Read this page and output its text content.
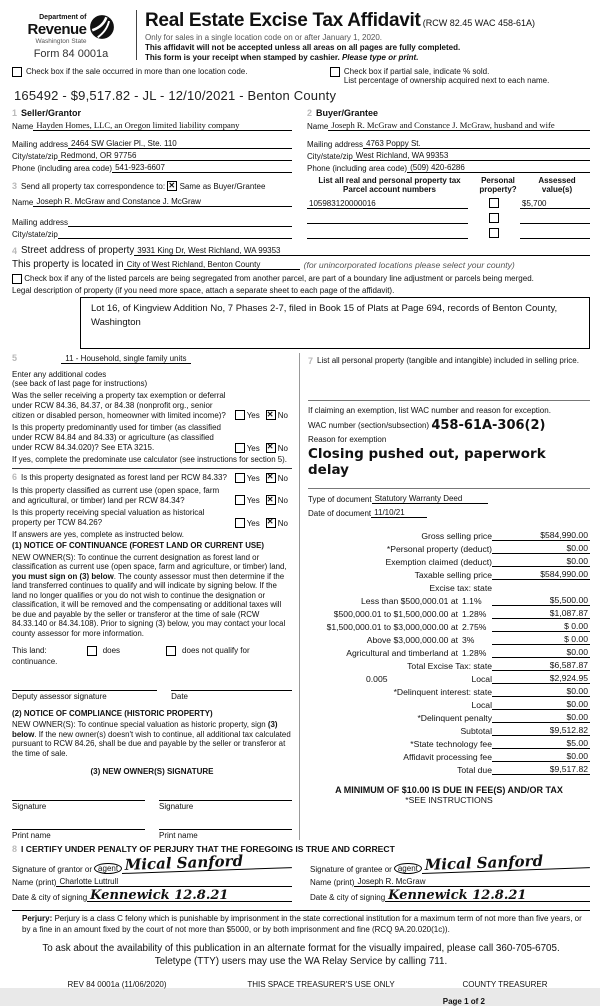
Department of
Revenue
Washington State
Form 84 0001a
Real Estate Excise Tax Affidavit (RCW 82.45 WAC 458-61A)
Only for sales in a single location code on or after January 1, 2020.
This affidavit will not be accepted unless all areas on all pages are fully completed.
This form is your receipt when stamped by cashier. Please type or print.
Check box if the sale occurred in more than one location code.	Check box if partial sale, indicate % sold.
List percentage of ownership acquired next to each name.
165492 - $9,517.82 - JL - 12/10/2021 - Benton County
1 Seller/Grantor
Name Hayden Homes, LLC, an Oregon limited liability company
Mailing address 2464 SW Glacier Pl., Ste. 110
City/state/zip Redmond, OR 97756
Phone (including area code) 541-923-6607
3 Send all property tax correspondence to:
✕
Same as Buyer/Grantee
Name Joseph R. McGraw and Constance J. McGraw
Mailing address
City/state/zip
2 Buyer/Grantee
Name Joseph R. McGraw and Constance J. McGraw, husband and wife
Mailing address 4763 Poppy St.
City/state/zip West Richland, WA 99353
Phone (including area code) (509) 420-6286
List all real and personal property tax
Parcel account numbers
Personal
property?
Assessed
value(s)
105983120000016	$5,700
4 Street address of property 3931 King Dr, West Richland, WA 99353
This property is located in City of West Richland, Benton County	(for unincorporated locations please select your county)

Check box if any of the listed parcels are being segregated from another parcel, are part of a boundary line adjustment or parcels being merged.
Legal description of property (if you need more space, attach a separate sheet to each page of the affidavit).
Lot 16, of Kingview Addition No, 7 Phases 2-7, filed in Book 15 of Plats at Page 694, records of Benton County, Washington
5	11 - Household, single family units
Enter any additional codes
(see back of last page for instructions)
Was the seller receiving a property tax exemption or deferral under RCW 84.36, 84.37, or 84.38 (nonprofit org., senior citizen or disabled person, homeowner with limited income)?	Yes ✕ No
Is this property predominantly used for timber (as classified under RCW 84.84 and 84.33) or agriculture (as classified under RCW 84.34.020)? See ETA 3215.	Yes ✕ No
If yes, complete the predominate use calculator (see instructions for section 5).
6 Is this property designated as forest land per RCW 84.33?	Yes ✕ No
Is this property classified as current use (open space, farm and agricultural, or timber) land per RCW 84.34?	Yes ✕ No
Is this property receiving special valuation as historical property per TCW 84.26?	Yes ✕ No
If answers are yes, complete as instructed below.
(1) NOTICE OF CONTINUANCE (FOREST LAND OR CURRENT USE)
NEW OWNER(S): To continue the current designation as forest land or classification as current use (open space, farm and agriculture, or timber) land, you must sign on (3) below. The county assessor must then determine if the land transferred continues to qualify and will indicate by signing below. If the land no longer qualifies or you do not wish to continue the designation or classification, it will be removed and the compensating or additional taxes will be due and payable by the seller or transferor at the time of sale (RCW 84.33.140 or 84.34.108). Prior to signing (3) below, you may contact your local county assessor for more information.
This land:	does	does not qualify for
continuance.
Deputy assessor signature	Date
(2) NOTICE OF COMPLIANCE (HISTORIC PROPERTY)
NEW OWNER(S): To continue special valuation as historic property, sign (3) below. If the new owner(s) doesn't wish to continue, all additional tax calculated pursuant to RCW 84.26, shall be due and payable by the seller or transferor at the time of sale.
(3) NEW OWNER(S) SIGNATURE
Signature	Signature
Print name	Print name
7 List all personal property (tangible and intangible) included in selling price.
If claiming an exemption, list WAC number and reason for exception.
WAC number (section/subsection)
458-61A-306(2)
Reason for exemption
Closing pushed out, paperwork delay
Type of document Statutory Warranty Deed
Date of document 11/10/21
Gross selling price	$584,990.00
*Personal property (deduct)	$0.00
Exemption claimed (deduct)	$0.00
Taxable selling price	$584,990.00
Excise tax: state
Less than $500,000.01 at 1.1%	$5,500.00
$500,000.01 to $1,500,000.00 at 1.28%	$1,087.87
$1,500,000.01 to $3,000,000.00 at 2.75%	$ 0.00
Above $3,000,000.00 at 3%	$ 0.00
Agricultural and timberland at 1.28%	$0.00
Total Excise Tax: state	$6,587.87
0.005	Local	$2,924.95
*Delinquent interest: state	$0.00
Local	$0.00
*Delinquent penalty	$0.00
Subtotal	$9,512.82
*State technology fee	$5.00
Affidavit processing fee	$0.00
Total due	$9,517.82
A MINIMUM OF $10.00 IS DUE IN FEE(S) AND/OR TAX
*SEE INSTRUCTIONS
8 I CERTIFY UNDER PENALTY OF PERJURY THAT THE FOREGOING IS TRUE AND CORRECT
Signature of grantor or agent Mical Sanford
Name (print) Charlotte Luttrull
Date & city of signing Kennewick 12.8.21
Signature of grantee or agent Mical Sanford
Name (print) Joseph R. McGraw
Date & city of signing Kennewick 12.8.21
Perjury: Perjury is a class C felony which is punishable by imprisonment in the state correctional institution for a maximum term of not more than five years, or by a fine in an amount fixed by the court of not more than $5000, or by both imprisonment and fine (RCQ 9A.20.020(1c)).
To ask about the availability of this publication in an alternate format for the visually impaired, please call 360-705-6705. Teletype (TTY) users may use the WA Relay Service by calling 711.
REV 84 0001a (11/06/2020)	THIS SPACE TREASURER'S USE ONLY	COUNTY TREASURER
Page 1 of 2
